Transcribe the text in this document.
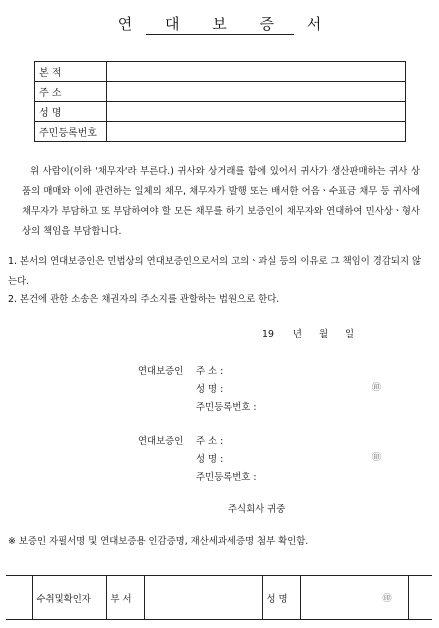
연 대 보 증 서
본 적	
주 소	
성 명	
주민등록번호	
위 사람이(이하 '채무자'라 부른다.) 귀사와 상거래를 함에 있어서 귀사가 생산판매하는 귀사 상품의 매매와 이에 관련하는 일체의 채무, 채무자가 발행 또는 배서한 어음ㆍ수표금 채무 등 귀사에 채무자가 부담하고 또 부담하여야 할 모든 채무를 하기 보증인이 채무자와 연대하여 민사상ㆍ형사상의 책임을 부담합니다.
1. 본서의 연대보증인은 민법상의 연대보증인으로서의 고의ㆍ과실 등의 이유로 그 책임이 경감되지 않는다.
2. 본건에 관한 소송은 채권자의 주소지를 관할하는 법원으로 한다.
19 년 월 일
연대보증인 주 소 :
성 명 :	㊞
주민등록번호 :
연대보증인 주 소 :
성 명 :	㊞
주민등록번호 :
주식회사 귀중
※ 보증인 자필서명 및 연대보증용 인감증명, 재산세과세증명 첨부 확인함.
	수취및확인자	부 서		성 명	㊞	
